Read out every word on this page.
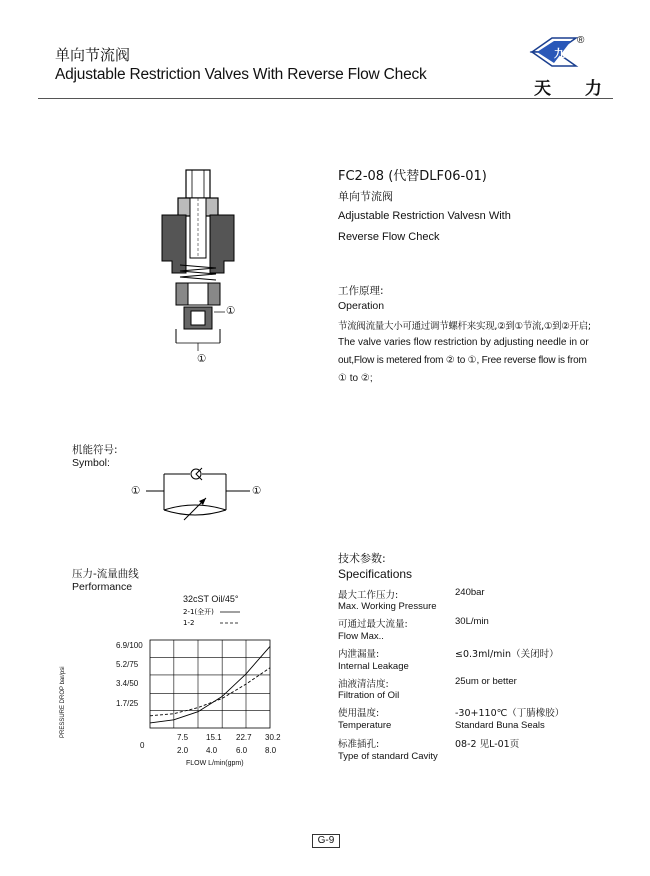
单向节流阀
Adjustable Restriction Valves With Reverse Flow Check
九
®
天 力
①
①
FC2-08 (代替DLF06-01)
单向节流阀
Adjustable Restriction Valvesn With
Reverse Flow Check
工作原理:
Operation
节流阀流量大小可通过调节螺杆来实现,②到①节流,①到②开启;
The valve varies flow restriction by adjusting needle in or
out,Flow is metered from ② to ①, Free reverse flow is from
① to ②;
机能符号:
Symbol:
①	①
压力-流量曲线
Performance
32cST Oil/45°
2-1(全开)
1-2
PRESSURE DROP bar/psi
6.9/100
5.2/75
3.4/50
1.7/25
0
7.5 15.1 22.7 30.2
2.0 4.0 6.0 8.0
FLOW L/min(gpm)
技术参数:
Specifications
最大工作压力:	240bar
Max. Working Pressure
可通过最大流量:	30L/min
Flow Max..
内泄漏量:	≤0.3ml/min（关闭时）
Internal Leakage
油液清洁度:	25um or better
Filtration of Oil
使用温度:	-30+110℃（丁腈橡胶）
Temperature	Standard Buna Seals
标准插孔:	08-2 见L-01页
Type of standard Cavity
G-9
